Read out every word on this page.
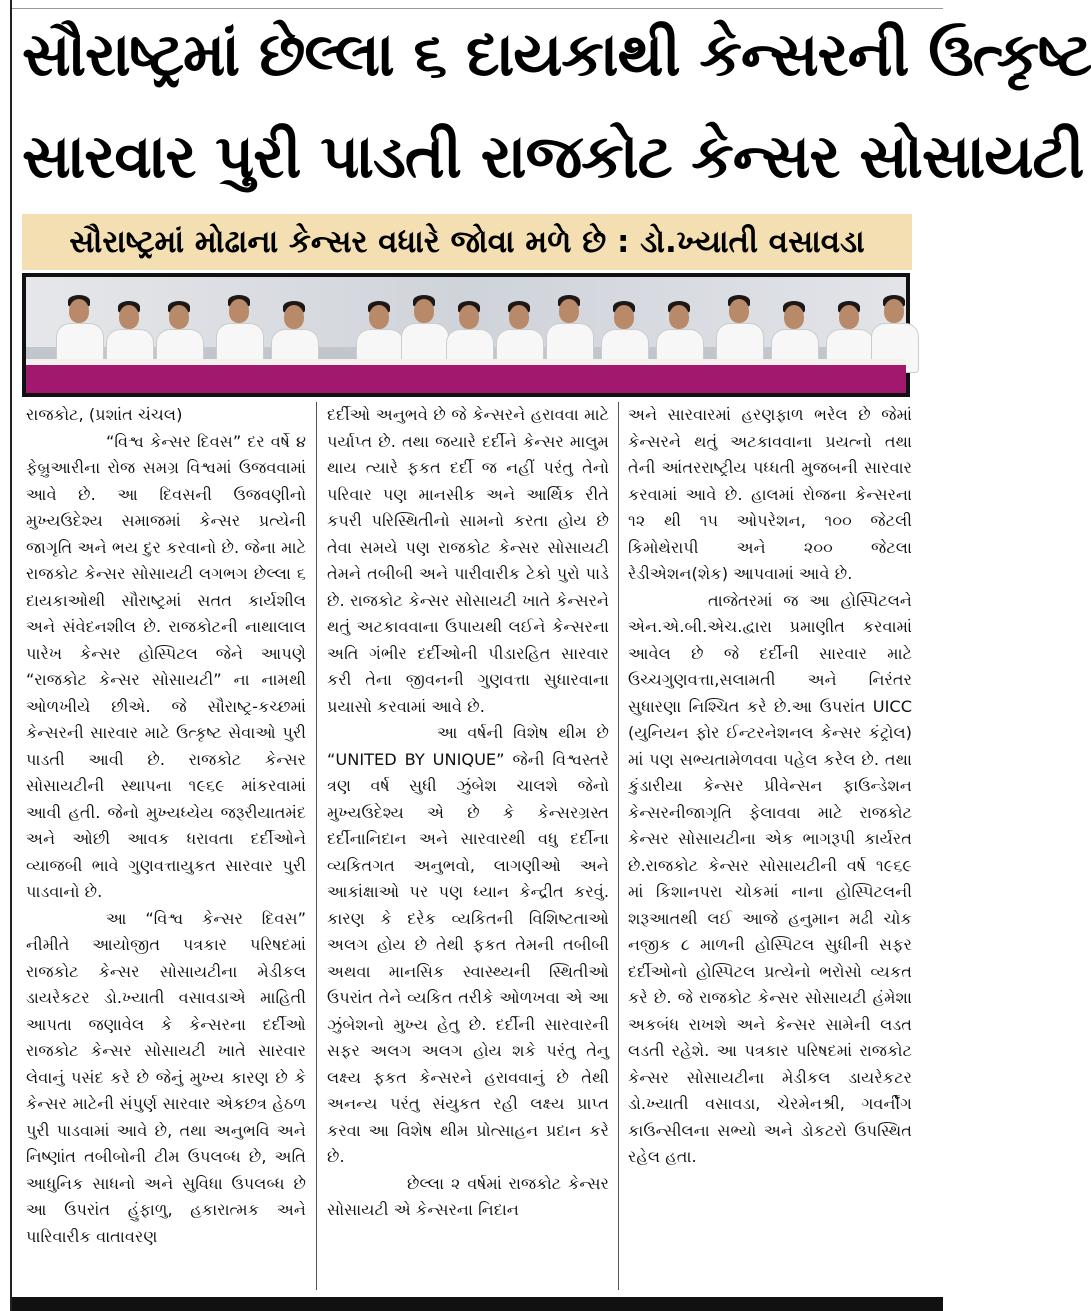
સૌરાષ્ટ્રમાં છેલ્લા ૬ દાયકાથી કેન્સરની ઉત્કૃષ્ટ
સારવાર પુરી પાડતી રાજકોટ કેન્સર સોસાયટી
સૌરાષ્ટ્રમાં મોઢાના કેન્સર વધારે જોવા મળે છે : ડો.ખ્યાતી વસાવડા

રાજકોટ, (પ્રશાંત ચંચલ)

“વિશ્વ કેન્સર દિવસ” દર વર્ષે ૪ ફેબ્રુઆરીના રોજ સમગ્ર વિશ્વમાં ઉજવવામાં આવે છે. આ દિવસની ઉજવણીનો મુખ્યઉદેશ્ય સમાજમાં કેન્સર પ્રત્યેની જાગૃતિ અને ભય દુર કરવાનો છે. જેના માટે રાજકોટ કેન્સર સોસાયટી લગભગ છેલ્લા ૬ દાયકાઓથી સૌરાષ્ટ્રમાં સતત કાર્યશીલ અને સંવેદનશીલ છે. રાજકોટની નાથાલાલ પારેખ કેન્સર હોસ્પિટલ જેને આપણે “રાજકોટ કેન્સર સોસાયટી” ના નામથી ઓળખીયે છીએ. જે સૌરાષ્ટ્ર-કચ્છમાં કેન્સરની સારવાર માટે ઉત્કૃષ્ટ સેવાઓ પુરી પાડતી આવી છે. રાજકોટ કેન્સર સોસાયટીની સ્થાપના ૧૯૬૯ માંકરવામાં આવી હતી. જેનો મુખ્યધ્યેય જરૂરીયાતમંદ અને ઓછી આવક ધરાવતા દર્દીઓને વ્યાજબી ભાવે ગુણવત્તાયુકત સારવાર પુરી પાડવાનો છે.

આ “વિશ્વ કેન્સર દિવસ” નીમીતે આયોજીત પત્રકાર પરિષદમાં રાજકોટ કેન્સર સોસાયટીના મેડીકલ ડાયરેકટર ડો.ખ્યાતી વસાવડાએ માહિતી આપતા જણાવેલ કે કેન્સરના દર્દીઓ રાજકોટ કેન્સર સોસાયટી ખાતે સારવાર લેવાનું પસંદ કરે છે જેનું મુખ્ય કારણ છે કે કેન્સર માટેની સંપુર્ણ સારવાર એકછત્ર હેઠળ પુરી પાડવામાં આવે છે, તથા અનુભવિ અને નિષ્ણાંત તબીબોની ટીમ ઉપલબ્ધ છે, અતિ આધુનિક સાધનો અને સુવિધા ઉપલબ્ધ છે આ ઉપરાંત હુંફાળુ, હકારાત્મક અને પારિવારીક વાતાવરણ

દર્દીઓ અનુભવે છે જે કેન્સરને હરાવવા માટે પર્યાપ્ત છે. તથા જયારે દર્દીને કેન્સર માલુમ થાય ત્યારે ફકત દર્દી જ નહીં પરંતુ તેનો પરિવાર પણ માનસીક અને આર્થિક રીતે કપરી પરિસ્થિતીનો સામનો કરતા હોય છે તેવા સમયે પણ રાજકોટ કેન્સર સોસાયટી તેમને તબીબી અને પારીવારીક ટેકો પુરો પાડે છે. રાજકોટ કેન્સર સોસાયટી ખાતે કેન્સરને થતું અટકાવવાના ઉપાયથી લઈને કેન્સરના અતિ ગંભીર દર્દીઓની પીડારહિત સારવાર કરી તેના જીવનની ગુણવત્તા સુધારવાના પ્રયાસો કરવામાં આવે છે.

આ વર્ષની વિશેષ થીમ છે “UNITED BY UNIQUE” જેની વિશ્વસ્તરે ત્રણ વર્ષ સુધી ઝુંબેશ ચાલશે જેનો મુખ્યઉદેશ્ય એ છે કે કેન્સરગ્રસ્ત દર્દીનાનિદાન અને સારવારથી વધુ દર્દીના વ્યકિતગત અનુભવો, લાગણીઓ અને આકાંક્ષાઓ પર પણ ધ્યાન કેન્દ્રીત કરવું. કારણ કે દરેક વ્યકિતની વિશિષ્ટતાઓ અલગ હોય છે તેથી ફકત તેમની તબીબી અથવા માનસિક સ્વાસ્થ્યની સ્થિતીઓ ઉપરાંત તેને વ્યકિત તરીકે ઓળખવા એ આ ઝુંબેશનો મુખ્ય હેતુ છે. દર્દીની સારવારની સફર અલગ અલગ હોય શકે પરંતુ તેનુ લક્ષ્ય ફકત કેન્સરને હરાવવાનું છે તેથી અનન્ય પરંતુ સંયુકત રહી લક્ષ્ય પ્રાપ્ત કરવા આ વિશેષ થીમ પ્રોત્સાહન પ્રદાન કરે છે.

છેલ્લા ૨ વર્ષમાં રાજકોટ કેન્સર સોસાયટી એ કેન્સરના નિદાન

અને સારવારમાં હરણફાળ ભરેલ છે જેમાં કેન્સરને થતું અટકાવવાના પ્રયત્નો તથા તેની આંતરરાષ્ટ્રીય પધ્ધતી મુજબની સારવાર કરવામાં આવે છે. હાલમાં રોજના કેન્સરના ૧૨ થી ૧૫ ઓપરેશન, ૧૦૦ જેટલી કિમોથેરાપી અને ૨૦૦ જેટલા રેડીએશન(શેક) આપવામાં આવે છે.

તાજેતરમાં જ આ હોસ્પિટલને એન.એ.બી.એચ.દ્વારા પ્રમાણીત કરવામાં આવેલ છે જે દર્દીની સારવાર માટે ઉચ્ચગુણવત્તા,સલામતી અને નિરંતર સુધારણા નિશ્ચિત કરે છે.આ ઉપરાંત UICC (યુનિયન ફોર ઈન્ટરનેશનલ કેન્સર કંટ્રોલ) માં પણ સભ્યતામેળવવા પહેલ કરેલ છે. તથા કુંડારીયા કેન્સર પ્રીવેન્સન ફાઉન્ડેશન કેન્સરનીજાગૃતિ ફેલાવવા માટે રાજકોટ કેન્સર સોસાયટીના એક ભાગરૂપી કાર્યરત છે.રાજકોટ કેન્સર સોસાયટીની વર્ષ ૧૯૬૯ માં કિશાનપરા ચોકમાં નાના હોસ્પિટલની શરૂઆતથી લઈ આજે હનુમાન મઢી ચોક નજીક ૮ માળની હોસ્પિટલ સુધીની સફર દર્દીઓનો હોસ્પિટલ પ્રત્યેનો ભરોસો વ્યકત કરે છે. જે રાજકોટ કેન્સર સોસાયટી હંમેશા અકબંધ રાખશે અને કેન્સર સામેની લડત લડતી રહેશે. આ પત્રકાર પરિષદમાં રાજકોટ કેન્સર સોસાયટીના મેડીકલ ડાયરેકટર ડો.ખ્યાતી વસાવડા, ચેરમેનશ્રી, ગવર્નીંગ કાઉન્સીલના સભ્યો અને ડોકટરો ઉપસ્થિત રહેલ હતા.
